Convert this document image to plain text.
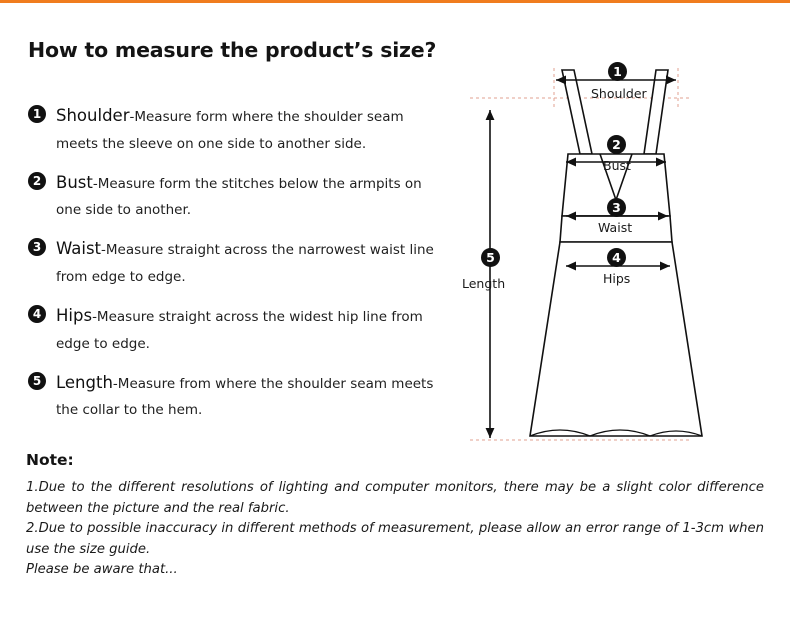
How to measure the product’s size?
1 Shoulder-Measure form where the shoulder seam meets the sleeve on one side to another side.
2 Bust-Measure form the stitches below the armpits on one side to another.
3 Waist-Measure straight across the narrowest waist line from edge to edge.
4 Hips-Measure straight across the widest hip line from edge to edge.
5 Length-Measure from where the shoulder seam meets the collar to the hem.
Note:

1.Due to the different resolutions of lighting and computer monitors, there may be a slight color difference between the picture and the real fabric.

2.Due to possible inaccuracy in different methods of measurement, please allow an error range of 1-3cm when use the size guide.

Please be aware that...

1
Shoulder
2
Bust
3
Waist
4
Hips
5
Length
